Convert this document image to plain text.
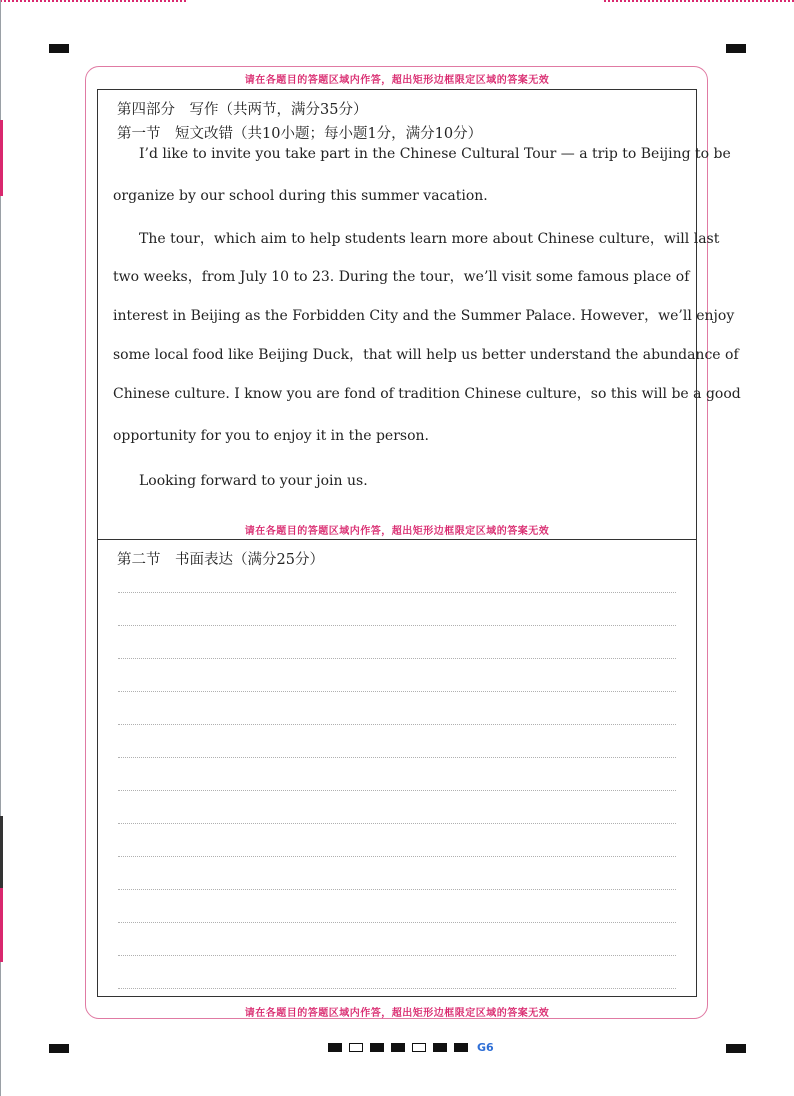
请在各题目的答题区域内作答，超出矩形边框限定区域的答案无效
第四部分　写作（共两节，满分35分）
第一节　短文改错（共10小题；每小题1分，满分10分）
I’d like to invite you take part in the Chinese Cultural Tour — a trip to Beijing to be
organize by our school during this summer vacation.
The tour，which aim to help students learn more about Chinese culture，will last
two weeks，from July 10 to 23. During the tour，we’ll visit some famous place of
interest in Beijing as the Forbidden City and the Summer Palace. However，we’ll enjoy
some local food like Beijing Duck，that will help us better understand the abundance of
Chinese culture. I know you are fond of tradition Chinese culture，so this will be a good
opportunity for you to enjoy it in the person.
Looking forward to your join us.
请在各题目的答题区域内作答，超出矩形边框限定区域的答案无效
第二节　书面表达（满分25分）
请在各题目的答题区域内作答，超出矩形边框限定区域的答案无效
G6
